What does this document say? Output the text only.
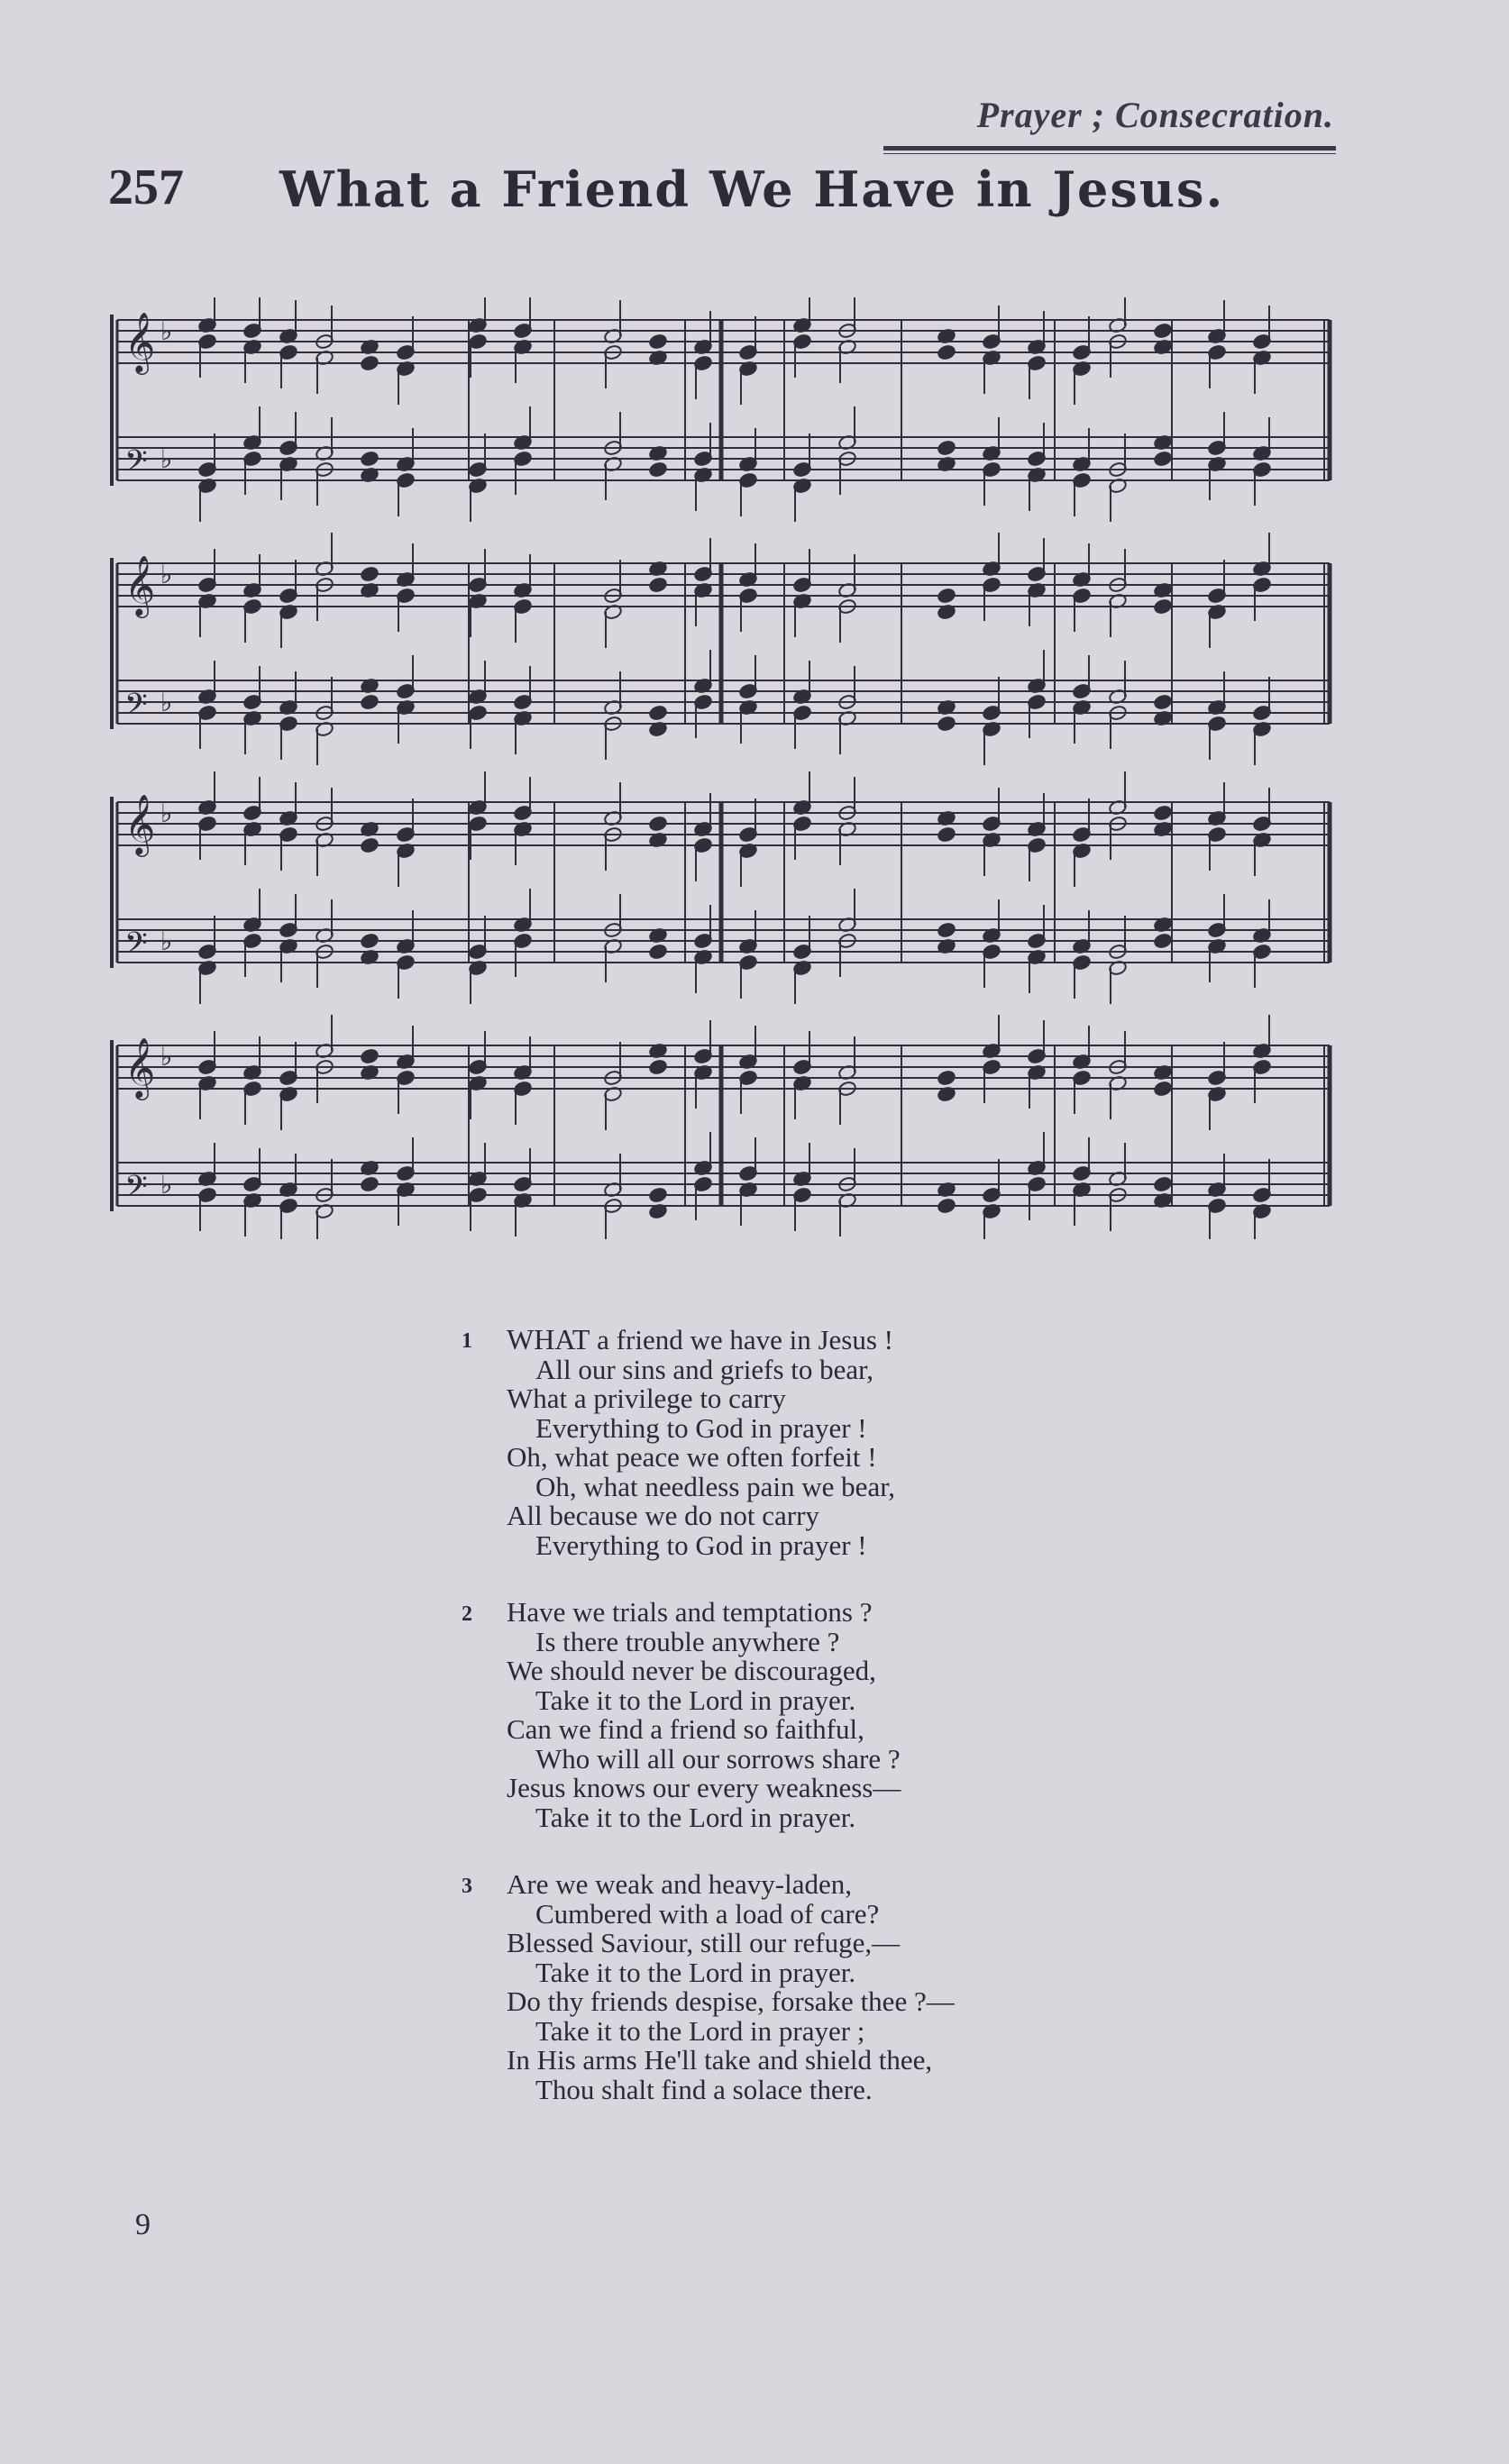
Prayer ; Consecration.
257 What a Friend We Have in Jesus.
𝄞 ♭
𝄢 ♭
𝄞 ♭
𝄢 ♭
𝄞 ♭
𝄢 ♭
𝄞 ♭
𝄢 ♭
1	WHAT a friend we have in Jesus !
All our sins and griefs to bear,
What a privilege to carry
Everything to God in prayer !
Oh, what peace we often forfeit !
Oh, what needless pain we bear,
All because we do not carry
Everything to God in prayer !
2	Have we trials and temptations ?
Is there trouble anywhere ?
We should never be discouraged,
Take it to the Lord in prayer.
Can we find a friend so faithful,
Who will all our sorrows share ?
Jesus knows our every weakness—
Take it to the Lord in prayer.
3	Are we weak and heavy-laden,
Cumbered with a load of care?
Blessed Saviour, still our refuge,—
Take it to the Lord in prayer.
Do thy friends despise, forsake thee ?—
Take it to the Lord in prayer ;
In His arms He'll take and shield thee,
Thou shalt find a solace there.
9
